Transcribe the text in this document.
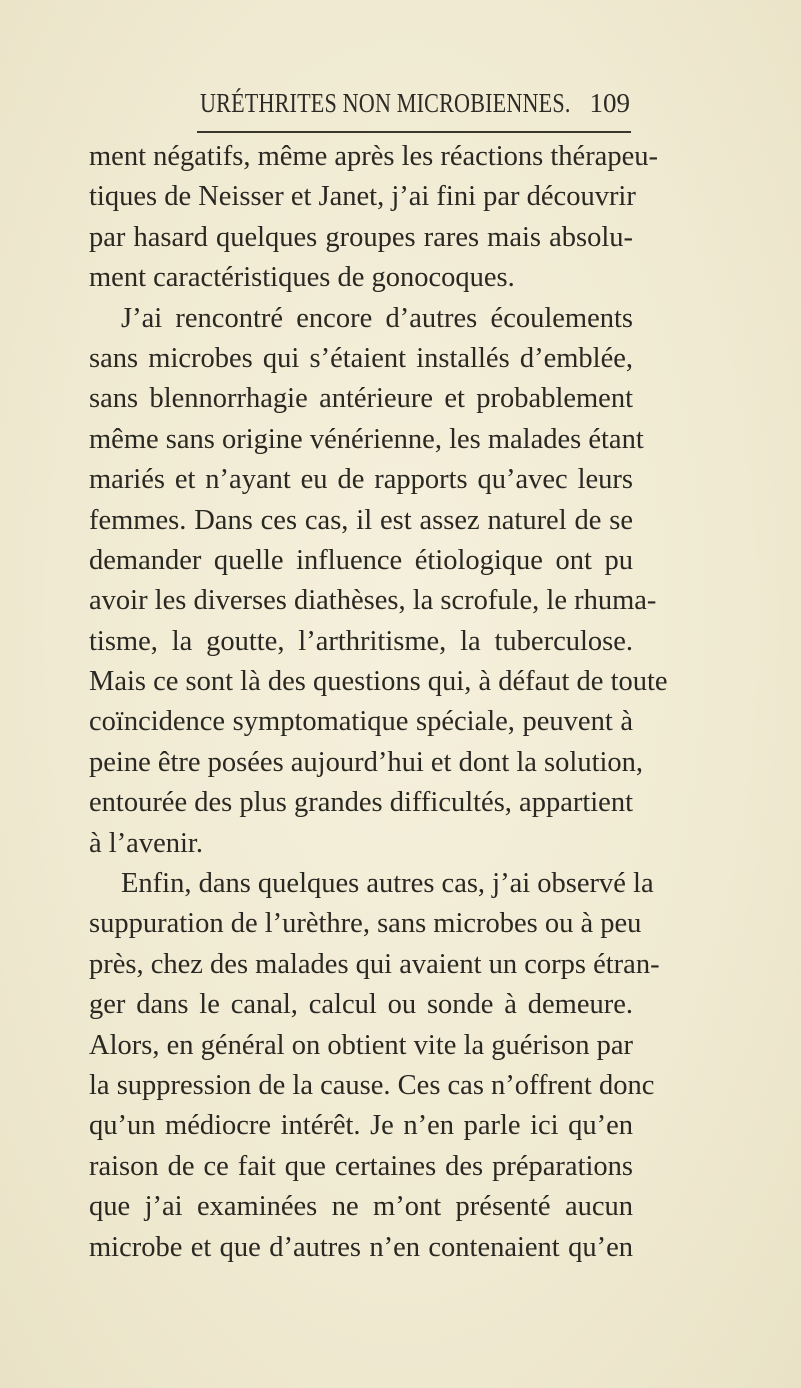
URÉTHRITES NON MICROBIENNES. 109
ment négatifs, même après les réactions thérapeu-
tiques de Neisser et Janet, j’ai fini par découvrir
par hasard quelques groupes rares mais absolu-
ment caractéristiques de gonocoques.
J’ai rencontré encore d’autres écoulements
sans microbes qui s’étaient installés d’emblée,
sans blennorrhagie antérieure et probablement
même sans origine vénérienne, les malades étant
mariés et n’ayant eu de rapports qu’avec leurs
femmes. Dans ces cas, il est assez naturel de se
demander quelle influence étiologique ont pu
avoir les diverses diathèses, la scrofule, le rhuma-
tisme, la goutte, l’arthritisme, la tuberculose.
Mais ce sont là des questions qui, à défaut de toute
coïncidence symptomatique spéciale, peuvent à
peine être posées aujourd’hui et dont la solution,
entourée des plus grandes difficultés, appartient
à l’avenir.
Enfin, dans quelques autres cas, j’ai observé la
suppuration de l’urèthre, sans microbes ou à peu
près, chez des malades qui avaient un corps étran-
ger dans le canal, calcul ou sonde à demeure.
Alors, en général on obtient vite la guérison par
la suppression de la cause. Ces cas n’offrent donc
qu’un médiocre intérêt. Je n’en parle ici qu’en
raison de ce fait que certaines des préparations
que j’ai examinées ne m’ont présenté aucun
microbe et que d’autres n’en contenaient qu’en
